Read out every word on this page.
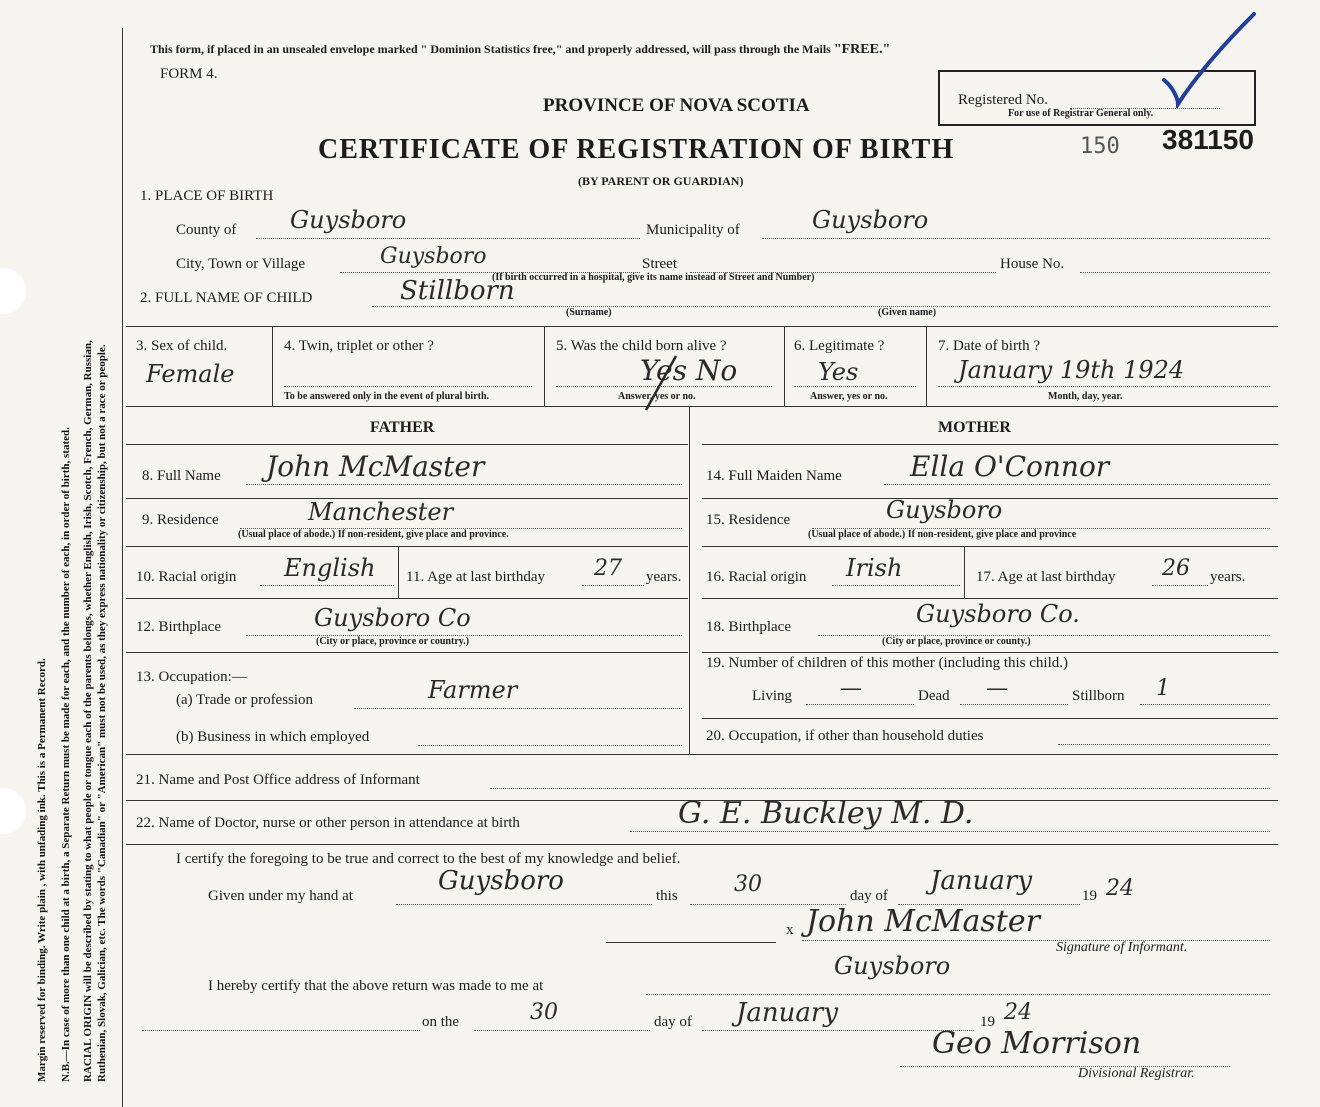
Margin reserved for binding. Write plain , with unfading ink. This is a Permanent Record. N.B.—In case of more than one child at a birth, a Separate Return must be made for each, and the number of each, in order of birth, stated. RACIAL ORIGIN will be described by stating to what people or tongue each of the parents belongs, whether English, Irish, Scotch, French, German, Russian, Ruthenian, Slovak, Galician, etc. The words "Canadian" or "American" must not be used, as they express nationality or citizenship, but not a race or people.
This form, if placed in an unsealed envelope marked " Dominion Statistics free," and properly addressed, will pass through the Mails "FREE."
FORM 4.
PROVINCE OF NOVA SCOTIA
CERTIFICATE OF REGISTRATION OF BIRTH	150 381150
(BY PARENT OR GUARDIAN)
Registered No.
For use of Registrar General only.
1. PLACE OF BIRTH
County of Guysboro	Municipality of	Guysboro
City, Town or Village	Guysboro	Street	House No.
(If birth occurred in a hospital, give its name instead of Street and Number)
2. FULL NAME OF CHILD	Stillborn
(Surname)	(Given name)
3. Sex of child.
Female
4. Twin, triplet or other ?
To be answered only in the event of plural birth.
5. Was the child born alive ?
Yes No
Answer, yes or no.
6. Legitimate ?
Yes
Answer, yes or no.
7. Date of birth ?
January 19th 1924
Month, day, year.
FATHER	MOTHER
8. Full Name John McMaster
9. Residence	Manchester
(Usual place of abode.) If non-resident, give place and province.
10. Racial origin English 11. Age at last birthday 27 years.
12. Birthplace	Guysboro Co
(City or place, province or country.)
13. Occupation:—
(a) Trade or profession	Farmer
(b) Business in which employed
14. Full Maiden Name Ella O'Connor
15. Residence	Guysboro
(Usual place of abode.) If non-resident, give place and province
16. Racial origin Irish	17. Age at last birthday 26 years.
18. Birthplace	Guysboro Co.
(City or place, province or county.)
19. Number of children of this mother (including this child.)
Living —	Dead —	Stillborn 1
20. Occupation, if other than household duties
21. Name and Post Office address of Informant
22. Name of Doctor, nurse or other person in attendance at birth	G. E. Buckley M. D.
I certify the foregoing to be true and correct to the best of my knowledge and belief.
Given under my hand at	Guysboro	this	30	day of January	19 24
x John McMaster
Signature of Informant.
Guysboro
I hereby certify that the above return was made to me at
on the	30	day of January	19 24
Geo Morrison
Divisional Registrar.
